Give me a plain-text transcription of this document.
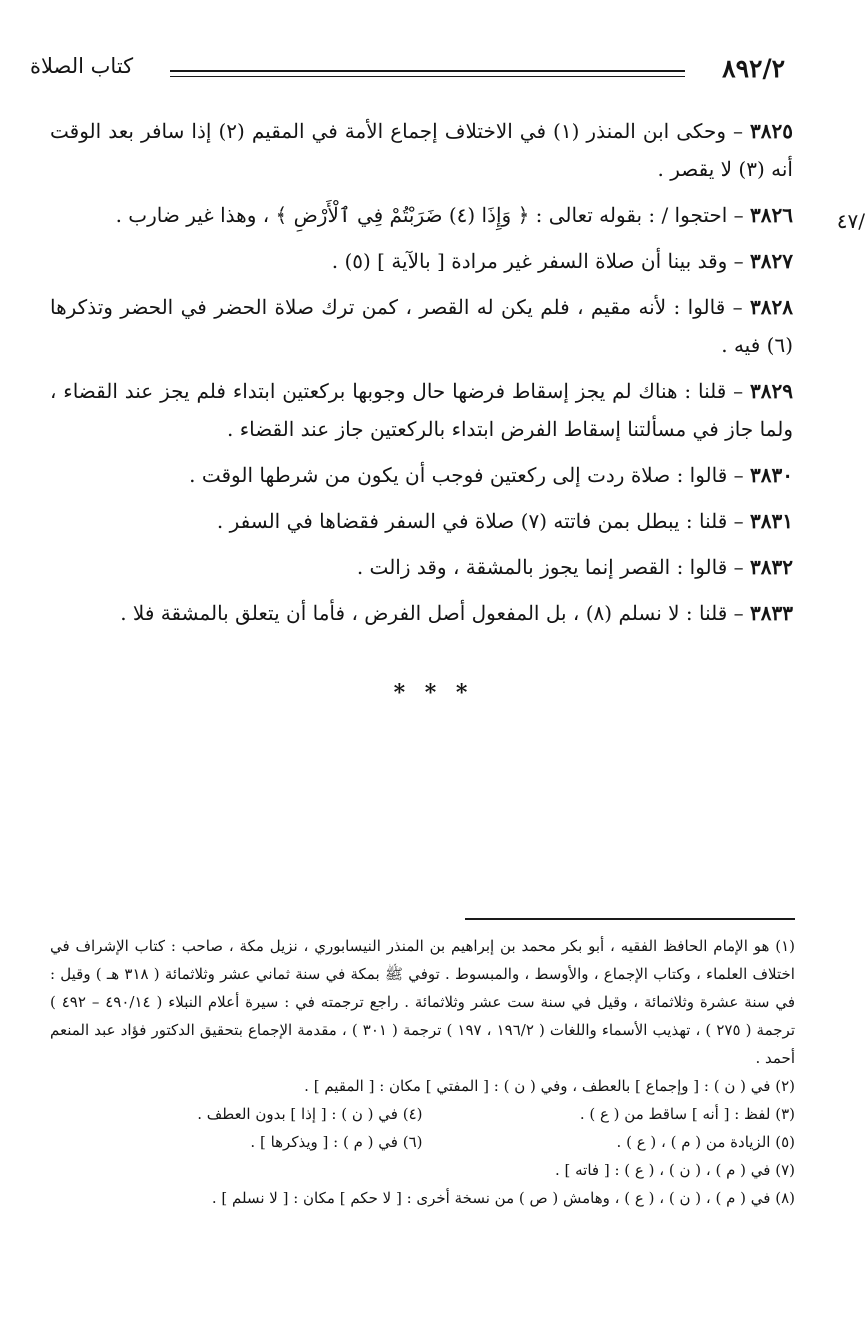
٨٩٢/٢
كتاب الصلاة
٤٧/

٣٨٢٥ – وحكى ابن المنذر (١) في الاختلاف إجماع الأمة في المقيم (٢) إذا سافر بعد الوقت أنه (٣) لا يقصر .

٣٨٢٦ – احتجوا / : بقوله تعالى : ﴿ وَإِذَا (٤) ضَرَبْتُمْ فِي ٱلْأَرْضِ ﴾ ، وهذا غير ضارب .

٣٨٢٧ – وقد بينا أن صلاة السفر غير مرادة [ بالآية ] (٥) .

٣٨٢٨ – قالوا : لأنه مقيم ، فلم يكن له القصر ، كمن ترك صلاة الحضر في الحضر وتذكرها (٦) فيه .

٣٨٢٩ – قلنا : هناك لم يجز إسقاط فرضها حال وجوبها بركعتين ابتداء فلم يجز عند القضاء ، ولما جاز في مسألتنا إسقاط الفرض ابتداء بالركعتين جاز عند القضاء .

٣٨٣٠ – قالوا : صلاة ردت إلى ركعتين فوجب أن يكون من شرطها الوقت .

٣٨٣١ – قلنا : يبطل بمن فاتته (٧) صلاة في السفر فقضاها في السفر .

٣٨٣٢ – قالوا : القصر إنما يجوز بالمشقة ، وقد زالت .

٣٨٣٣ – قلنا : لا نسلم (٨) ، بل المفعول أصل الفرض ، فأما أن يتعلق بالمشقة فلا .

* * *

(١) هو الإمام الحافظ الفقيه ، أبو بكر محمد بن إبراهيم بن المنذر النيسابوري ، نزيل مكة ، صاحب : كتاب الإشراف في اختلاف العلماء ، وكتاب الإجماع ، والأوسط ، والمبسوط . توفي ﷺ بمكة في سنة ثماني عشر وثلاثمائة ( ٣١٨ هـ ) وقيل : في سنة عشرة وثلاثمائة ، وقيل في سنة ست عشر وثلاثمائة . راجع ترجمته في : سيرة أعلام النبلاء ( ٤٩٠/١٤ – ٤٩٢ ) ترجمة ( ٢٧٥ ) ، تهذيب الأسماء واللغات ( ١٩٦/٢ ، ١٩٧ ) ترجمة ( ٣٠١ ) ، مقدمة الإجماع بتحقيق الدكتور فؤاد عبد المنعم أحمد .

(٢) في ( ن ) : [ وإجماع ] بالعطف ، وفي ( ن ) : [ المفتي ] مكان : [ المقيم ] .

(٣) لفظ : [ أنه ] ساقط من ( ع ) .
(٤) في ( ن ) : [ إذا ] بدون العطف .
(٥) الزيادة من ( م ) ، ( ع ) .
(٦) في ( م ) : [ ويذكرها ] .

(٧) في ( م ) ، ( ن ) ، ( ع ) : [ فاته ] .

(٨) في ( م ) ، ( ن ) ، ( ع ) ، وهامش ( ص ) من نسخة أخرى : [ لا حكم ] مكان : [ لا نسلم ] .
